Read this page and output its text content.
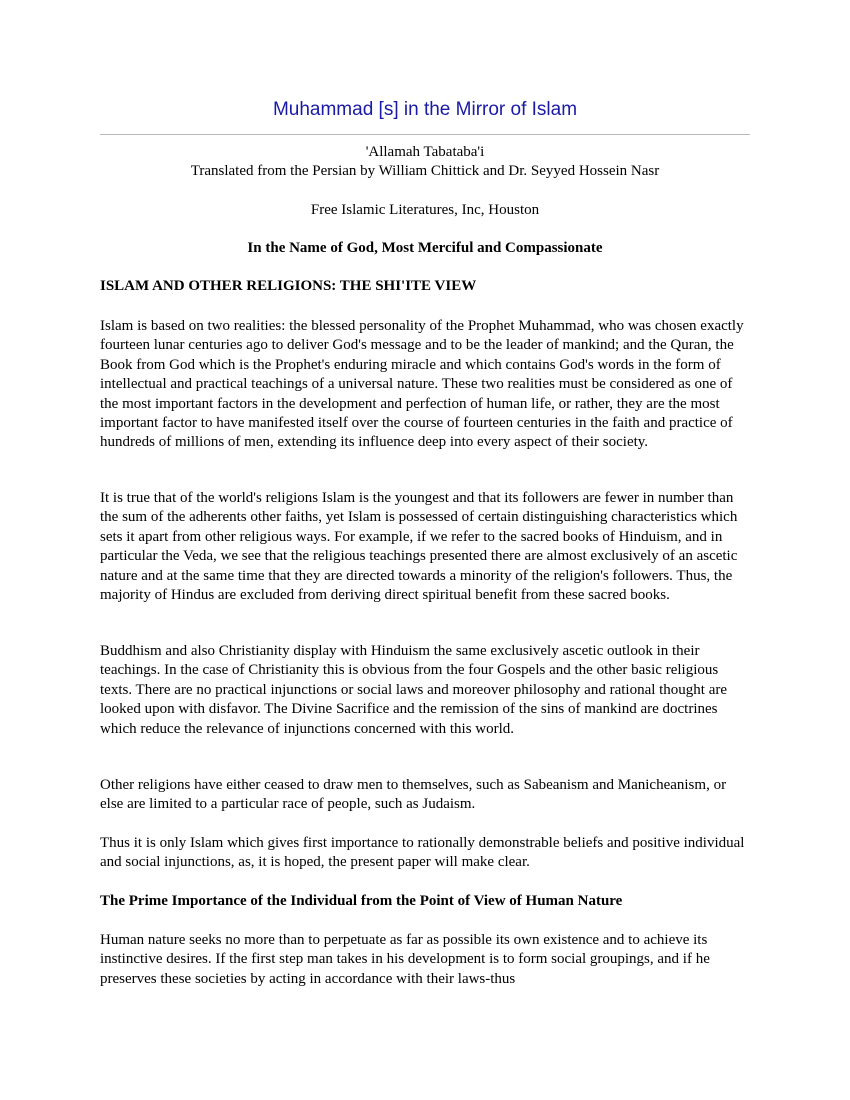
Muhammad [s] in the Mirror of Islam
'Allamah Tabataba'i
Translated from the Persian by William Chittick and Dr. Seyyed Hossein Nasr
Free Islamic Literatures, Inc, Houston
In the Name of God, Most Merciful and Compassionate
ISLAM AND OTHER RELIGIONS: THE SHI'ITE VIEW

Islam is based on two realities: the blessed personality of the Prophet Muhammad, who was chosen exactly fourteen lunar centuries ago to deliver God's message and to be the leader of mankind; and the Quran, the Book from God which is the Prophet's enduring miracle and which contains God's words in the form of intellectual and practical teachings of a universal nature. These two realities must be considered as one of the most important factors in the development and perfection of human life, or rather, they are the most important factor to have manifested itself over the course of fourteen centuries in the faith and practice of hundreds of millions of men, extending its influence deep into every aspect of their society.

It is true that of the world's religions Islam is the youngest and that its followers are fewer in number than the sum of the adherents other faiths, yet Islam is possessed of certain distinguishing characteristics which sets it apart from other religious ways. For example, if we refer to the sacred books of Hinduism, and in particular the Veda, we see that the religious teachings presented there are almost exclusively of an ascetic nature and at the same time that they are directed towards a minority of the religion's followers. Thus, the majority of Hindus are excluded from deriving direct spiritual benefit from these sacred books.

Buddhism and also Christianity display with Hinduism the same exclusively ascetic outlook in their teachings. In the case of Christianity this is obvious from the four Gospels and the other basic religious texts. There are no practical injunctions or social laws and moreover philosophy and rational thought are looked upon with disfavor. The Divine Sacrifice and the remission of the sins of mankind are doctrines which reduce the relevance of injunctions concerned with this world.

Other religions have either ceased to draw men to themselves, such as Sabeanism and Manicheanism, or else are limited to a particular race of people, such as Judaism.

Thus it is only Islam which gives first importance to rationally demonstrable beliefs and positive individual and social injunctions, as, it is hoped, the present paper will make clear.

The Prime Importance of the Individual from the Point of View of Human Nature

Human nature seeks no more than to perpetuate as far as possible its own existence and to achieve its instinctive desires. If the first step man takes in his development is to form social groupings, and if he preserves these societies by acting in accordance with their laws-thus
